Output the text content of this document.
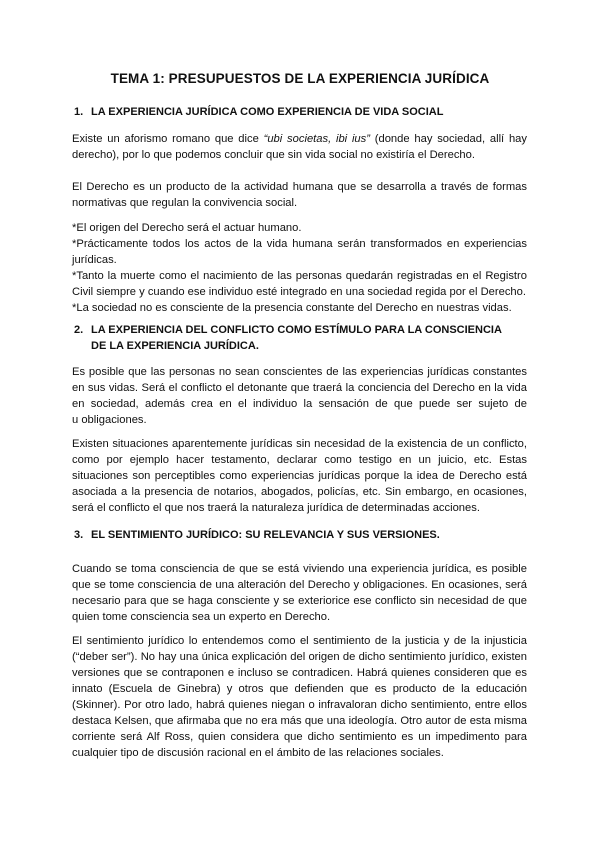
TEMA 1: PRESUPUESTOS DE LA EXPERIENCIA JURÍDICA
1. LA EXPERIENCIA JURÍDICA COMO EXPERIENCIA DE VIDA SOCIAL
Existe un aforismo romano que dice “ubi societas, ibi ius” (donde hay sociedad, allí hay
derecho), por lo que podemos concluir que sin vida social no existiría el Derecho.
El Derecho es un producto de la actividad humana que se desarrolla a través de formas
normativas que regulan la convivencia social.
*El origen del Derecho será el actuar humano.
*Prácticamente todos los actos de la vida humana serán transformados en experiencias
jurídicas.
*Tanto la muerte como el nacimiento de las personas quedarán registradas en el Registro
Civil siempre y cuando ese individuo esté integrado en una sociedad regida por el Derecho.
*La sociedad no es consciente de la presencia constante del Derecho en nuestras vidas.
2. LA EXPERIENCIA DEL CONFLICTO COMO ESTÍMULO PARA LA CONSCIENCIA
DE LA EXPERIENCIA JURÍDICA.
Es posible que las personas no sean conscientes de las experiencias jurídicas constantes
en sus vidas. Será el conflicto el detonante que traerá la conciencia del Derecho en la vida
en sociedad, además crea en el individuo la sensación de que puede ser sujeto de
u obligaciones.
Existen situaciones aparentemente jurídicas sin necesidad de la existencia de un conflicto,
como por ejemplo hacer testamento, declarar como testigo en un juicio, etc. Estas
situaciones son perceptibles como experiencias jurídicas porque la idea de Derecho está
asociada a la presencia de notarios, abogados, policías, etc. Sin embargo, en ocasiones,
será el conflicto el que nos traerá la naturaleza jurídica de determinadas acciones.
3. EL SENTIMIENTO JURÍDICO: SU RELEVANCIA Y SUS VERSIONES.
Cuando se toma consciencia de que se está viviendo una experiencia jurídica, es posible
que se tome consciencia de una alteración del Derecho y obligaciones. En ocasiones, será
necesario para que se haga consciente y se exteriorice ese conflicto sin necesidad de que
quien tome consciencia sea un experto en Derecho.
El sentimiento jurídico lo entendemos como el sentimiento de la justicia y de la injusticia
(“deber ser”). No hay una única explicación del origen de dicho sentimiento jurídico, existen
versiones que se contraponen e incluso se contradicen. Habrá quienes consideren que es
innato (Escuela de Ginebra) y otros que defienden que es producto de la educación
(Skinner). Por otro lado, habrá quienes niegan o infravaloran dicho sentimiento, entre ellos
destaca Kelsen, que afirmaba que no era más que una ideología. Otro autor de esta misma
corriente será Alf Ross, quien considera que dicho sentimiento es un impedimento para
cualquier tipo de discusión racional en el ámbito de las relaciones sociales.
